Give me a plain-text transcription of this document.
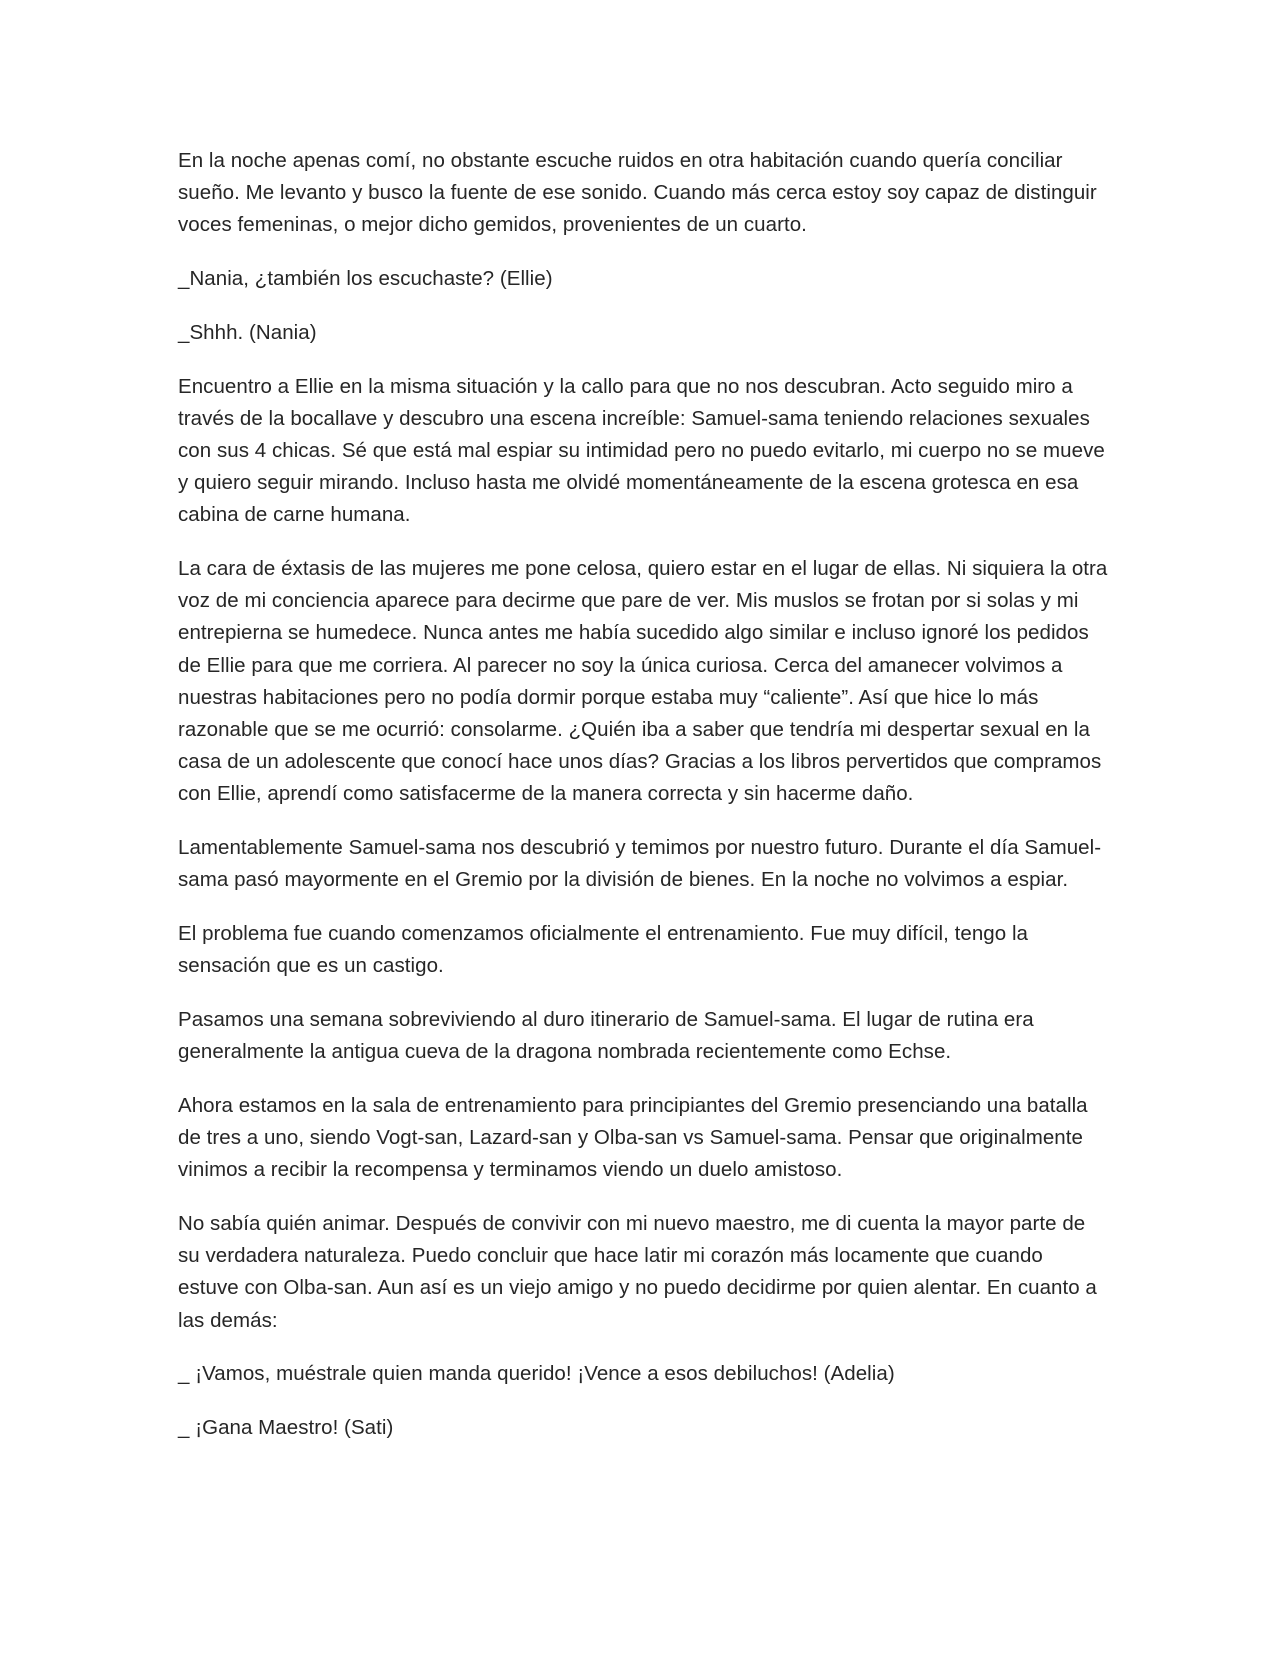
En la noche apenas comí, no obstante escuche ruidos en otra habitación cuando quería conciliar sueño. Me levanto y busco la fuente de ese sonido. Cuando más cerca estoy soy capaz de distinguir voces femeninas, o mejor dicho gemidos, provenientes de un cuarto.

_Nania, ¿también los escuchaste? (Ellie)

_Shhh. (Nania)

Encuentro a Ellie en la misma situación y la callo para que no nos descubran. Acto seguido miro a través de la bocallave y descubro una escena increíble: Samuel-sama teniendo relaciones sexuales con sus 4 chicas. Sé que está mal espiar su intimidad pero no puedo evitarlo, mi cuerpo no se mueve y quiero seguir mirando. Incluso hasta me olvidé momentáneamente de la escena grotesca en esa cabina de carne humana.

La cara de éxtasis de las mujeres me pone celosa, quiero estar en el lugar de ellas. Ni siquiera la otra voz de mi conciencia aparece para decirme que pare de ver. Mis muslos se frotan por si solas y mi entrepierna se humedece. Nunca antes me había sucedido algo similar e incluso ignoré los pedidos de Ellie para que me corriera. Al parecer no soy la única curiosa. Cerca del amanecer volvimos a nuestras habitaciones pero no podía dormir porque estaba muy “caliente”. Así que hice lo más razonable que se me ocurrió: consolarme. ¿Quién iba a saber que tendría mi despertar sexual en la casa de un adolescente que conocí hace unos días? Gracias a los libros pervertidos que compramos con Ellie, aprendí como satisfacerme de la manera correcta y sin hacerme daño.

Lamentablemente Samuel-sama nos descubrió y temimos por nuestro futuro. Durante el día Samuel-sama pasó mayormente en el Gremio por la división de bienes. En la noche no volvimos a espiar.

El problema fue cuando comenzamos oficialmente el entrenamiento. Fue muy difícil, tengo la sensación que es un castigo.

Pasamos una semana sobreviviendo al duro itinerario de Samuel-sama. El lugar de rutina era generalmente la antigua cueva de la dragona nombrada recientemente como Echse.

Ahora estamos en la sala de entrenamiento para principiantes del Gremio presenciando una batalla de tres a uno, siendo Vogt-san, Lazard-san y Olba-san vs Samuel-sama. Pensar que originalmente vinimos a recibir la recompensa y terminamos viendo un duelo amistoso.

No sabía quién animar. Después de convivir con mi nuevo maestro, me di cuenta la mayor parte de su verdadera naturaleza. Puedo concluir que hace latir mi corazón más locamente que cuando estuve con Olba-san. Aun así es un viejo amigo y no puedo decidirme por quien alentar. En cuanto a las demás:

_ ¡Vamos, muéstrale quien manda querido! ¡Vence a esos debiluchos! (Adelia)

_ ¡Gana Maestro! (Sati)
